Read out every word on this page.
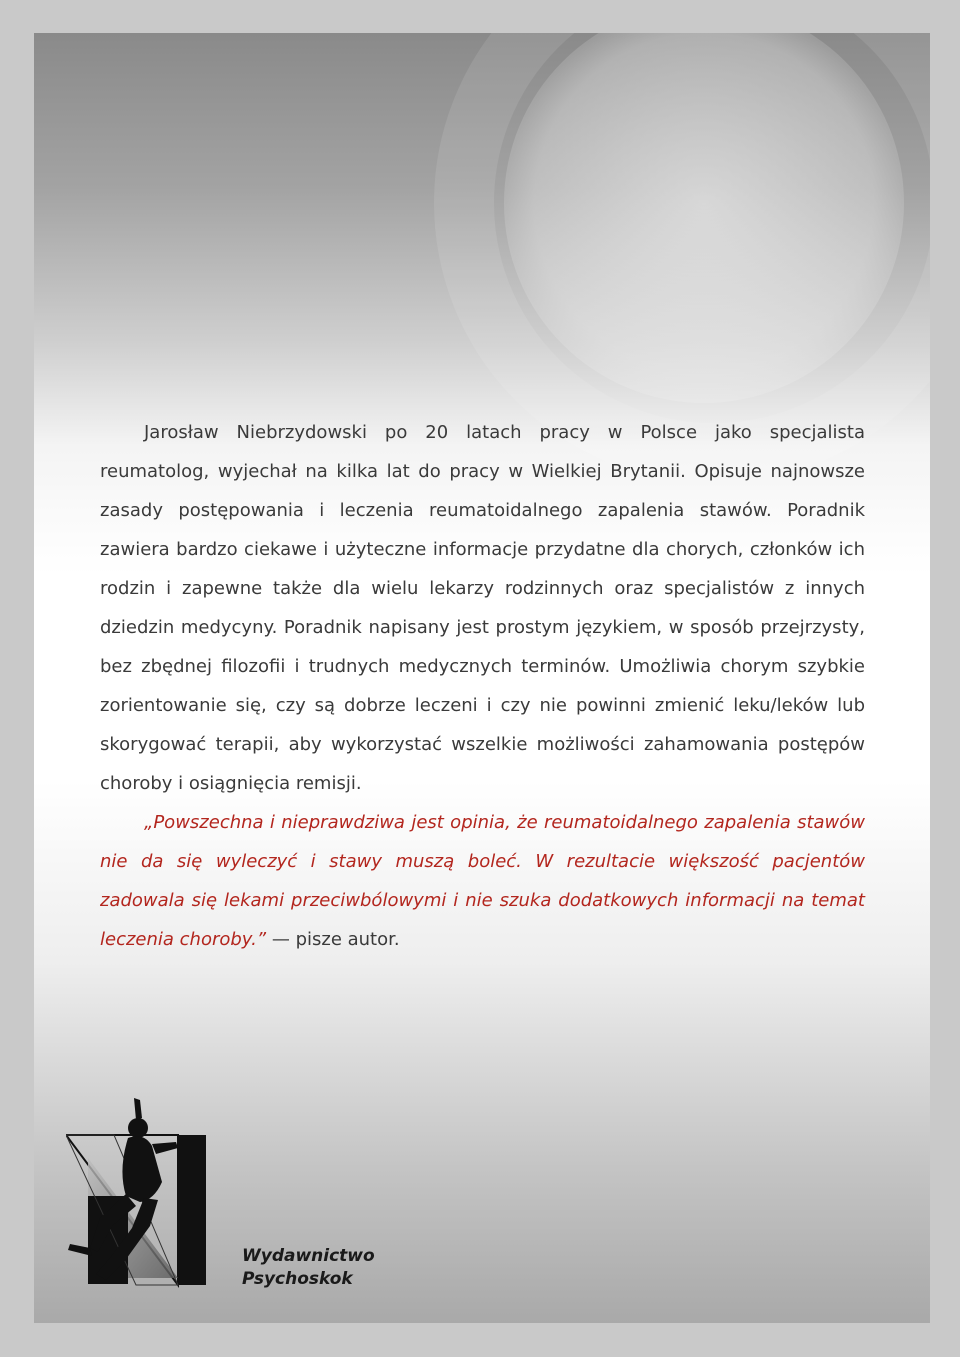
Jarosław Niebrzydowski po 20 latach pracy w Polsce jako specjalista reumatolog, wyjechał na kilka lat do pracy w Wielkiej Brytanii. Opisuje najnowsze zasady postępowania i leczenia reumatoidalnego zapalenia stawów. Poradnik zawiera bardzo ciekawe i użyteczne informacje przydatne dla chorych, członków ich rodzin i zapewne także dla wielu lekarzy rodzinnych oraz specjalistów z innych dziedzin medycyny. Poradnik napisany jest prostym językiem, w sposób przejrzysty, bez zbędnej filozofii i trudnych medycznych terminów. Umożliwia chorym szybkie zorientowanie się, czy są dobrze leczeni i czy nie powinni zmienić leku/leków lub skorygować terapii, aby wykorzystać wszelkie możliwości zahamowania postępów choroby i osiągnięcia remisji.

„Powszechna i nieprawdziwa jest opinia, że reumatoidalnego zapalenia stawów nie da się wyleczyć i stawy muszą boleć. W rezultacie większość pacjentów zadowala się lekami przeciwbólowymi i nie szuka dodatkowych informacji na temat leczenia choroby.” — pisze autor.

Wydawnictwo
Psychoskok
